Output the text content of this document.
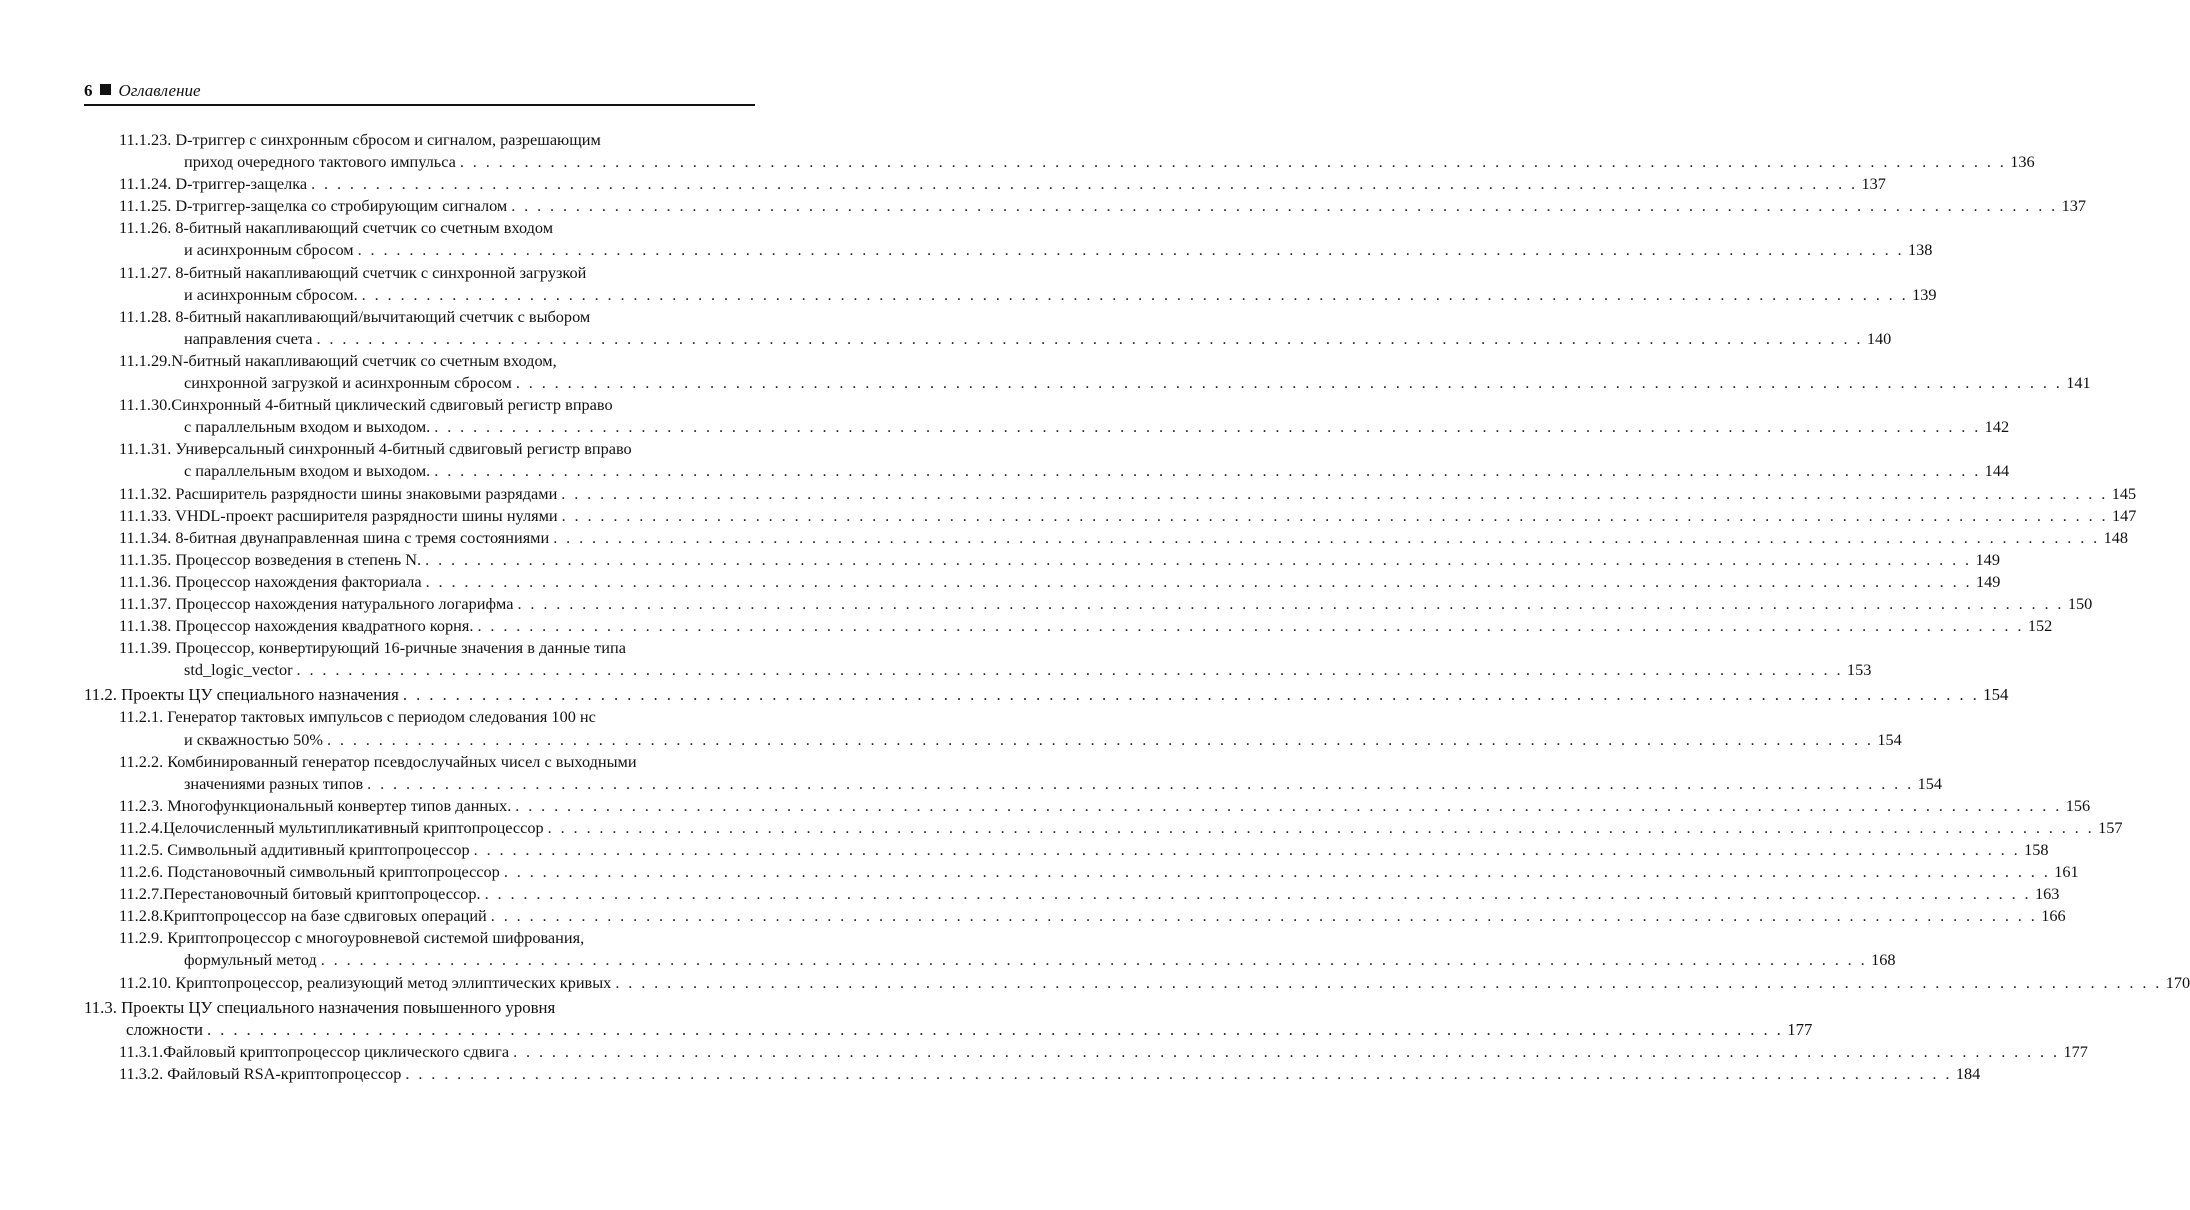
6 Оглавление
11.1.23. D-триггер с синхронным сбросом и сигналом, разрешающим
приход очередного тактового импульса . . . . . . . . . . . . . . . . . . . . . . . . . . . . . . . . . . . . . . . . . . . . . . . . . . . . . . . . . . . . . . . . . . . . . . . . . . . . . . . . . . . . . . . . . . . . . . . . . . . . . . . . . . . . . . . . . . . . . . . . 136
11.1.24. D-триггер-защелка . . . . . . . . . . . . . . . . . . . . . . . . . . . . . . . . . . . . . . . . . . . . . . . . . . . . . . . . . . . . . . . . . . . . . . . . . . . . . . . . . . . . . . . . . . . . . . . . . . . . . . . . . . . . . . . . . . . . . . . . 137
11.1.25. D-триггер-защелка со стробирующим сигналом . . . . . . . . . . . . . . . . . . . . . . . . . . . . . . . . . . . . . . . . . . . . . . . . . . . . . . . . . . . . . . . . . . . . . . . . . . . . . . . . . . . . . . . . . . . . . . . . . . . . . . . . . . . . . . . . . . . . . . . . 137
11.1.26. 8-битный накапливающий счетчик со счетным входом
и асинхронным сбросом . . . . . . . . . . . . . . . . . . . . . . . . . . . . . . . . . . . . . . . . . . . . . . . . . . . . . . . . . . . . . . . . . . . . . . . . . . . . . . . . . . . . . . . . . . . . . . . . . . . . . . . . . . . . . . . . . . . . . . . . 138
11.1.27. 8-битный накапливающий счетчик с синхронной загрузкой
и асинхронным сбросом. . . . . . . . . . . . . . . . . . . . . . . . . . . . . . . . . . . . . . . . . . . . . . . . . . . . . . . . . . . . . . . . . . . . . . . . . . . . . . . . . . . . . . . . . . . . . . . . . . . . . . . . . . . . . . . . . . . . . . . . . 139
11.1.28. 8-битный накапливающий/вычитающий счетчик с выбором
направления счета . . . . . . . . . . . . . . . . . . . . . . . . . . . . . . . . . . . . . . . . . . . . . . . . . . . . . . . . . . . . . . . . . . . . . . . . . . . . . . . . . . . . . . . . . . . . . . . . . . . . . . . . . . . . . . . . . . . . . . . . 140
11.1.29.N-битный накапливающий счетчик со счетным входом,
синхронной загрузкой и асинхронным сбросом . . . . . . . . . . . . . . . . . . . . . . . . . . . . . . . . . . . . . . . . . . . . . . . . . . . . . . . . . . . . . . . . . . . . . . . . . . . . . . . . . . . . . . . . . . . . . . . . . . . . . . . . . . . . . . . . . . . . . . . . 141
11.1.30.Синхронный 4-битный циклический сдвиговый регистр вправо
с параллельным входом и выходом. . . . . . . . . . . . . . . . . . . . . . . . . . . . . . . . . . . . . . . . . . . . . . . . . . . . . . . . . . . . . . . . . . . . . . . . . . . . . . . . . . . . . . . . . . . . . . . . . . . . . . . . . . . . . . . . . . . . . . . . . 142
11.1.31. Универсальный синхронный 4-битный сдвиговый регистр вправо
с параллельным входом и выходом. . . . . . . . . . . . . . . . . . . . . . . . . . . . . . . . . . . . . . . . . . . . . . . . . . . . . . . . . . . . . . . . . . . . . . . . . . . . . . . . . . . . . . . . . . . . . . . . . . . . . . . . . . . . . . . . . . . . . . . . . 144
11.1.32. Расширитель разрядности шины знаковыми разрядами . . . . . . . . . . . . . . . . . . . . . . . . . . . . . . . . . . . . . . . . . . . . . . . . . . . . . . . . . . . . . . . . . . . . . . . . . . . . . . . . . . . . . . . . . . . . . . . . . . . . . . . . . . . . . . . . . . . . . . . . 145
11.1.33. VHDL-проект расширителя разрядности шины нулями . . . . . . . . . . . . . . . . . . . . . . . . . . . . . . . . . . . . . . . . . . . . . . . . . . . . . . . . . . . . . . . . . . . . . . . . . . . . . . . . . . . . . . . . . . . . . . . . . . . . . . . . . . . . . . . . . . . . . . . . 147
11.1.34. 8-битная двунаправленная шина с тремя состояниями . . . . . . . . . . . . . . . . . . . . . . . . . . . . . . . . . . . . . . . . . . . . . . . . . . . . . . . . . . . . . . . . . . . . . . . . . . . . . . . . . . . . . . . . . . . . . . . . . . . . . . . . . . . . . . . . . . . . . . . . 148
11.1.35. Процессор возведения в степень N. . . . . . . . . . . . . . . . . . . . . . . . . . . . . . . . . . . . . . . . . . . . . . . . . . . . . . . . . . . . . . . . . . . . . . . . . . . . . . . . . . . . . . . . . . . . . . . . . . . . . . . . . . . . . . . . . . . . . . . . . 149
11.1.36. Процессор нахождения факториала . . . . . . . . . . . . . . . . . . . . . . . . . . . . . . . . . . . . . . . . . . . . . . . . . . . . . . . . . . . . . . . . . . . . . . . . . . . . . . . . . . . . . . . . . . . . . . . . . . . . . . . . . . . . . . . . . . . . . . . . 149
11.1.37. Процессор нахождения натурального логарифма . . . . . . . . . . . . . . . . . . . . . . . . . . . . . . . . . . . . . . . . . . . . . . . . . . . . . . . . . . . . . . . . . . . . . . . . . . . . . . . . . . . . . . . . . . . . . . . . . . . . . . . . . . . . . . . . . . . . . . . . 150
11.1.38. Процессор нахождения квадратного корня. . . . . . . . . . . . . . . . . . . . . . . . . . . . . . . . . . . . . . . . . . . . . . . . . . . . . . . . . . . . . . . . . . . . . . . . . . . . . . . . . . . . . . . . . . . . . . . . . . . . . . . . . . . . . . . . . . . . . . . . . 152
11.1.39. Процессор, конвертирующий 16-ричные значения в данные типа
std_logic_vector . . . . . . . . . . . . . . . . . . . . . . . . . . . . . . . . . . . . . . . . . . . . . . . . . . . . . . . . . . . . . . . . . . . . . . . . . . . . . . . . . . . . . . . . . . . . . . . . . . . . . . . . . . . . . . . . . . . . . . . . 153
11.2. Проекты ЦУ специального назначения . . . . . . . . . . . . . . . . . . . . . . . . . . . . . . . . . . . . . . . . . . . . . . . . . . . . . . . . . . . . . . . . . . . . . . . . . . . . . . . . . . . . . . . . . . . . . . . . . . . . . . . . . . . . . . . . . . . . . . . . 154
11.2.1. Генератор тактовых импульсов с периодом следования 100 нс
и скважностью 50% . . . . . . . . . . . . . . . . . . . . . . . . . . . . . . . . . . . . . . . . . . . . . . . . . . . . . . . . . . . . . . . . . . . . . . . . . . . . . . . . . . . . . . . . . . . . . . . . . . . . . . . . . . . . . . . . . . . . . . . . 154
11.2.2. Комбинированный генератор псевдослучайных чисел с выходными
значениями разных типов . . . . . . . . . . . . . . . . . . . . . . . . . . . . . . . . . . . . . . . . . . . . . . . . . . . . . . . . . . . . . . . . . . . . . . . . . . . . . . . . . . . . . . . . . . . . . . . . . . . . . . . . . . . . . . . . . . . . . . . . 154
11.2.3. Многофункциональный конвертер типов данных. . . . . . . . . . . . . . . . . . . . . . . . . . . . . . . . . . . . . . . . . . . . . . . . . . . . . . . . . . . . . . . . . . . . . . . . . . . . . . . . . . . . . . . . . . . . . . . . . . . . . . . . . . . . . . . . . . . . . . . . . 156
11.2.4.Целочисленный мультипликативный криптопроцессор . . . . . . . . . . . . . . . . . . . . . . . . . . . . . . . . . . . . . . . . . . . . . . . . . . . . . . . . . . . . . . . . . . . . . . . . . . . . . . . . . . . . . . . . . . . . . . . . . . . . . . . . . . . . . . . . . . . . . . . . 157
11.2.5. Символьный аддитивный криптопроцессор . . . . . . . . . . . . . . . . . . . . . . . . . . . . . . . . . . . . . . . . . . . . . . . . . . . . . . . . . . . . . . . . . . . . . . . . . . . . . . . . . . . . . . . . . . . . . . . . . . . . . . . . . . . . . . . . . . . . . . . . 158
11.2.6. Подстановочный символьный криптопроцессор . . . . . . . . . . . . . . . . . . . . . . . . . . . . . . . . . . . . . . . . . . . . . . . . . . . . . . . . . . . . . . . . . . . . . . . . . . . . . . . . . . . . . . . . . . . . . . . . . . . . . . . . . . . . . . . . . . . . . . . . 161
11.2.7.Перестановочный битовый криптопроцессор. . . . . . . . . . . . . . . . . . . . . . . . . . . . . . . . . . . . . . . . . . . . . . . . . . . . . . . . . . . . . . . . . . . . . . . . . . . . . . . . . . . . . . . . . . . . . . . . . . . . . . . . . . . . . . . . . . . . . . . . . 163
11.2.8.Криптопроцессор на базе сдвиговых операций . . . . . . . . . . . . . . . . . . . . . . . . . . . . . . . . . . . . . . . . . . . . . . . . . . . . . . . . . . . . . . . . . . . . . . . . . . . . . . . . . . . . . . . . . . . . . . . . . . . . . . . . . . . . . . . . . . . . . . . . 166
11.2.9. Криптопроцессор с многоуровневой системой шифрования,
формульный метод . . . . . . . . . . . . . . . . . . . . . . . . . . . . . . . . . . . . . . . . . . . . . . . . . . . . . . . . . . . . . . . . . . . . . . . . . . . . . . . . . . . . . . . . . . . . . . . . . . . . . . . . . . . . . . . . . . . . . . . . 168
11.2.10. Криптопроцессор, реализующий метод эллиптических кривых . . . . . . . . . . . . . . . . . . . . . . . . . . . . . . . . . . . . . . . . . . . . . . . . . . . . . . . . . . . . . . . . . . . . . . . . . . . . . . . . . . . . . . . . . . . . . . . . . . . . . . . . . . . . . . . . . . . . . . . . 170
11.3. Проекты ЦУ специального назначения повышенного уровня
сложности . . . . . . . . . . . . . . . . . . . . . . . . . . . . . . . . . . . . . . . . . . . . . . . . . . . . . . . . . . . . . . . . . . . . . . . . . . . . . . . . . . . . . . . . . . . . . . . . . . . . . . . . . . . . . . . . . . . . . . . . 177
11.3.1.Файловый криптопроцессор циклического сдвига . . . . . . . . . . . . . . . . . . . . . . . . . . . . . . . . . . . . . . . . . . . . . . . . . . . . . . . . . . . . . . . . . . . . . . . . . . . . . . . . . . . . . . . . . . . . . . . . . . . . . . . . . . . . . . . . . . . . . . . . 177
11.3.2. Файловый RSA-криптопроцессор . . . . . . . . . . . . . . . . . . . . . . . . . . . . . . . . . . . . . . . . . . . . . . . . . . . . . . . . . . . . . . . . . . . . . . . . . . . . . . . . . . . . . . . . . . . . . . . . . . . . . . . . . . . . . . . . . . . . . . . . 184
